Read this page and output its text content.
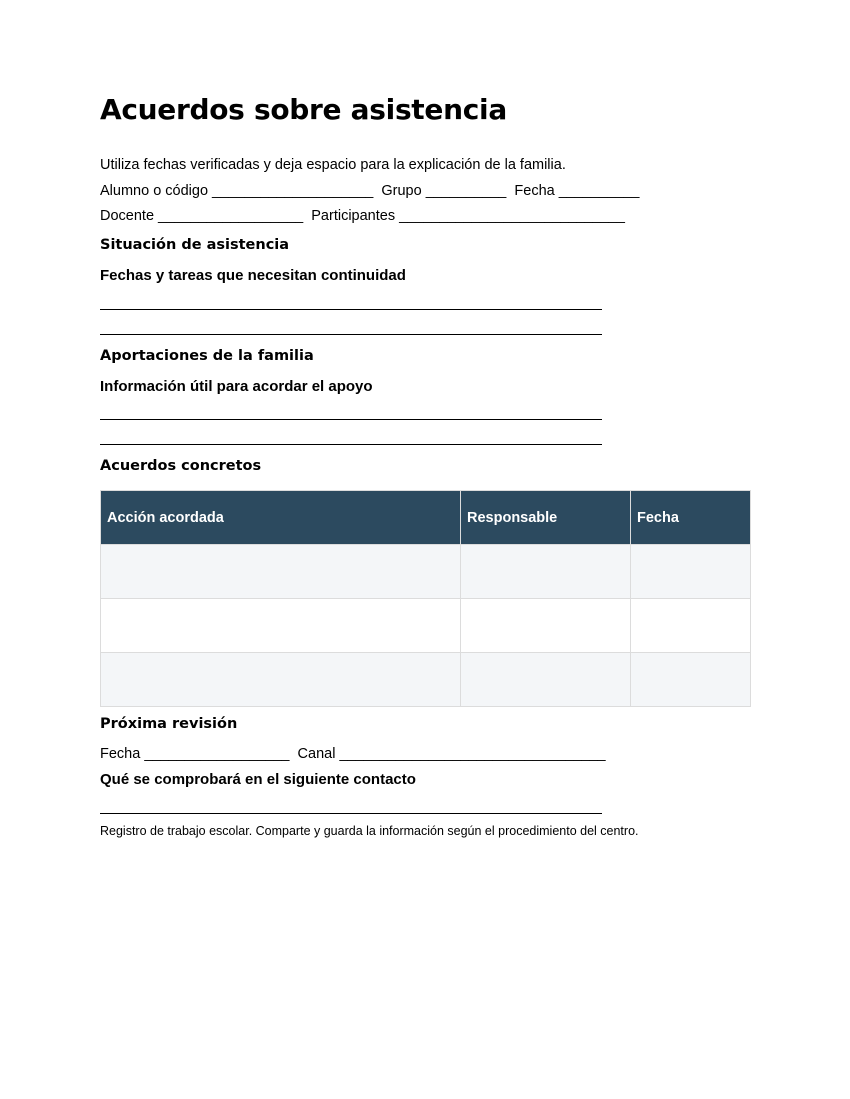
Acuerdos sobre asistencia
Utiliza fechas verificadas y deja espacio para la explicación de la familia.
Alumno o código ____________________  Grupo __________  Fecha __________
Docente __________________  Participantes ____________________________
Situación de asistencia
Fechas y tareas que necesitan continuidad
Aportaciones de la familia
Información útil para acordar el apoyo
Acuerdos concretos
Acción acordada	Responsable	Fecha

Próxima revisión
Fecha __________________  Canal _________________________________
Qué se comprobará en el siguiente contacto
Registro de trabajo escolar. Comparte y guarda la información según el procedimiento del centro.
